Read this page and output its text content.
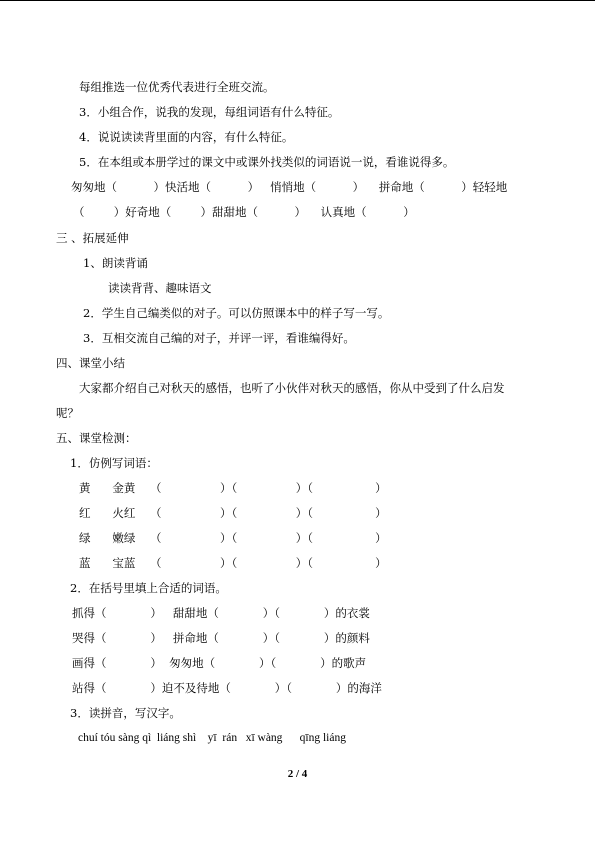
每组推选一位优秀代表进行全班交流。
3．小组合作，说我的发现，每组词语有什么特征。
4．说说读读背里面的内容，有什么特征。
5．在本组或本册学过的课文中或课外找类似的词语说一说，看谁说得多。
匆匆地（          ）快活地（          ）   悄悄地（          ）    拼命地（          ）轻轻地
（        ）好奇地（        ）甜甜地（          ）    认真地（          ）
三 、拓展延伸
1、朗读背诵
读读背背、趣味语文
2．学生自己编类似的对子。可以仿照课本中的样子写一写。
3．互相交流自己编的对子，并评一评，看谁编得好。
四、课堂小结
大家都介绍自己对秋天的感悟，也听了小伙伴对秋天的感悟，你从中受到了什么启发
呢？
五、课堂检测：
1．仿例写词语：
黄      金黄    （                ）（                ）（                 ）
红      火红    （                ）（                ）（                 ）
绿      嫩绿    （                ）（                ）（                 ）
蓝      宝蓝    （                ）（                ）（                 ）
2．在括号里填上合适的词语。
抓得（            ）   甜甜地（            ）（            ）的衣裳
哭得（            ）   拼命地（            ）（            ）的颜料
画得（            ）  匆匆地（            ）（            ）的歌声
站得（            ）迫不及待地（            ）（            ）的海洋
3．读拼音，写汉字。
chuí tóu sàng qì  liáng shì    yī  rán   xī wàng      qīng liáng
2 / 4
